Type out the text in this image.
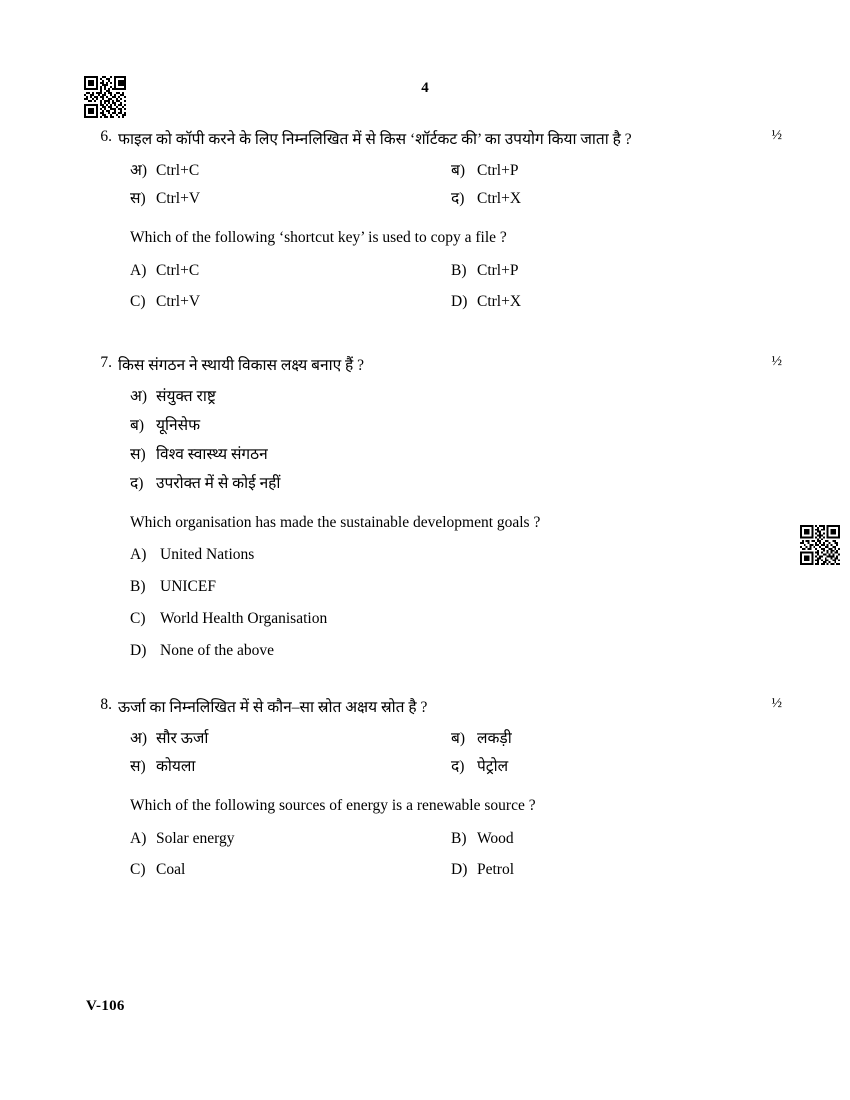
4
6. फाइल को कॉपी करने के लिए निम्नलिखित में से किस ‘शॉर्टकट की’ का उपयोग किया जाता है ?	½
अ) Ctrl+C	ब) Ctrl+P
स) Ctrl+V	द) Ctrl+X
Which of the following ‘shortcut key’ is used to copy a file ?
A) Ctrl+C	B) Ctrl+P
C) Ctrl+V	D) Ctrl+X
7. किस संगठन ने स्थायी विकास लक्ष्य बनाए हैं ?	½
अ) संयुक्त राष्ट्र
ब) यूनिसेफ
स) विश्व स्वास्थ्य संगठन
द) उपरोक्त में से कोई नहीं
Which organisation has made the sustainable development goals ?
A) United Nations
B) UNICEF
C) World Health Organisation
D) None of the above
8. ऊर्जा का निम्नलिखित में से कौन–सा स्रोत अक्षय स्रोत है ?	½
अ) सौर ऊर्जा	ब) लकड़ी
स) कोयला	द) पेट्रोल
Which of the following sources of energy is a renewable source ?
A) Solar energy	B) Wood
C) Coal	D) Petrol
V-106
